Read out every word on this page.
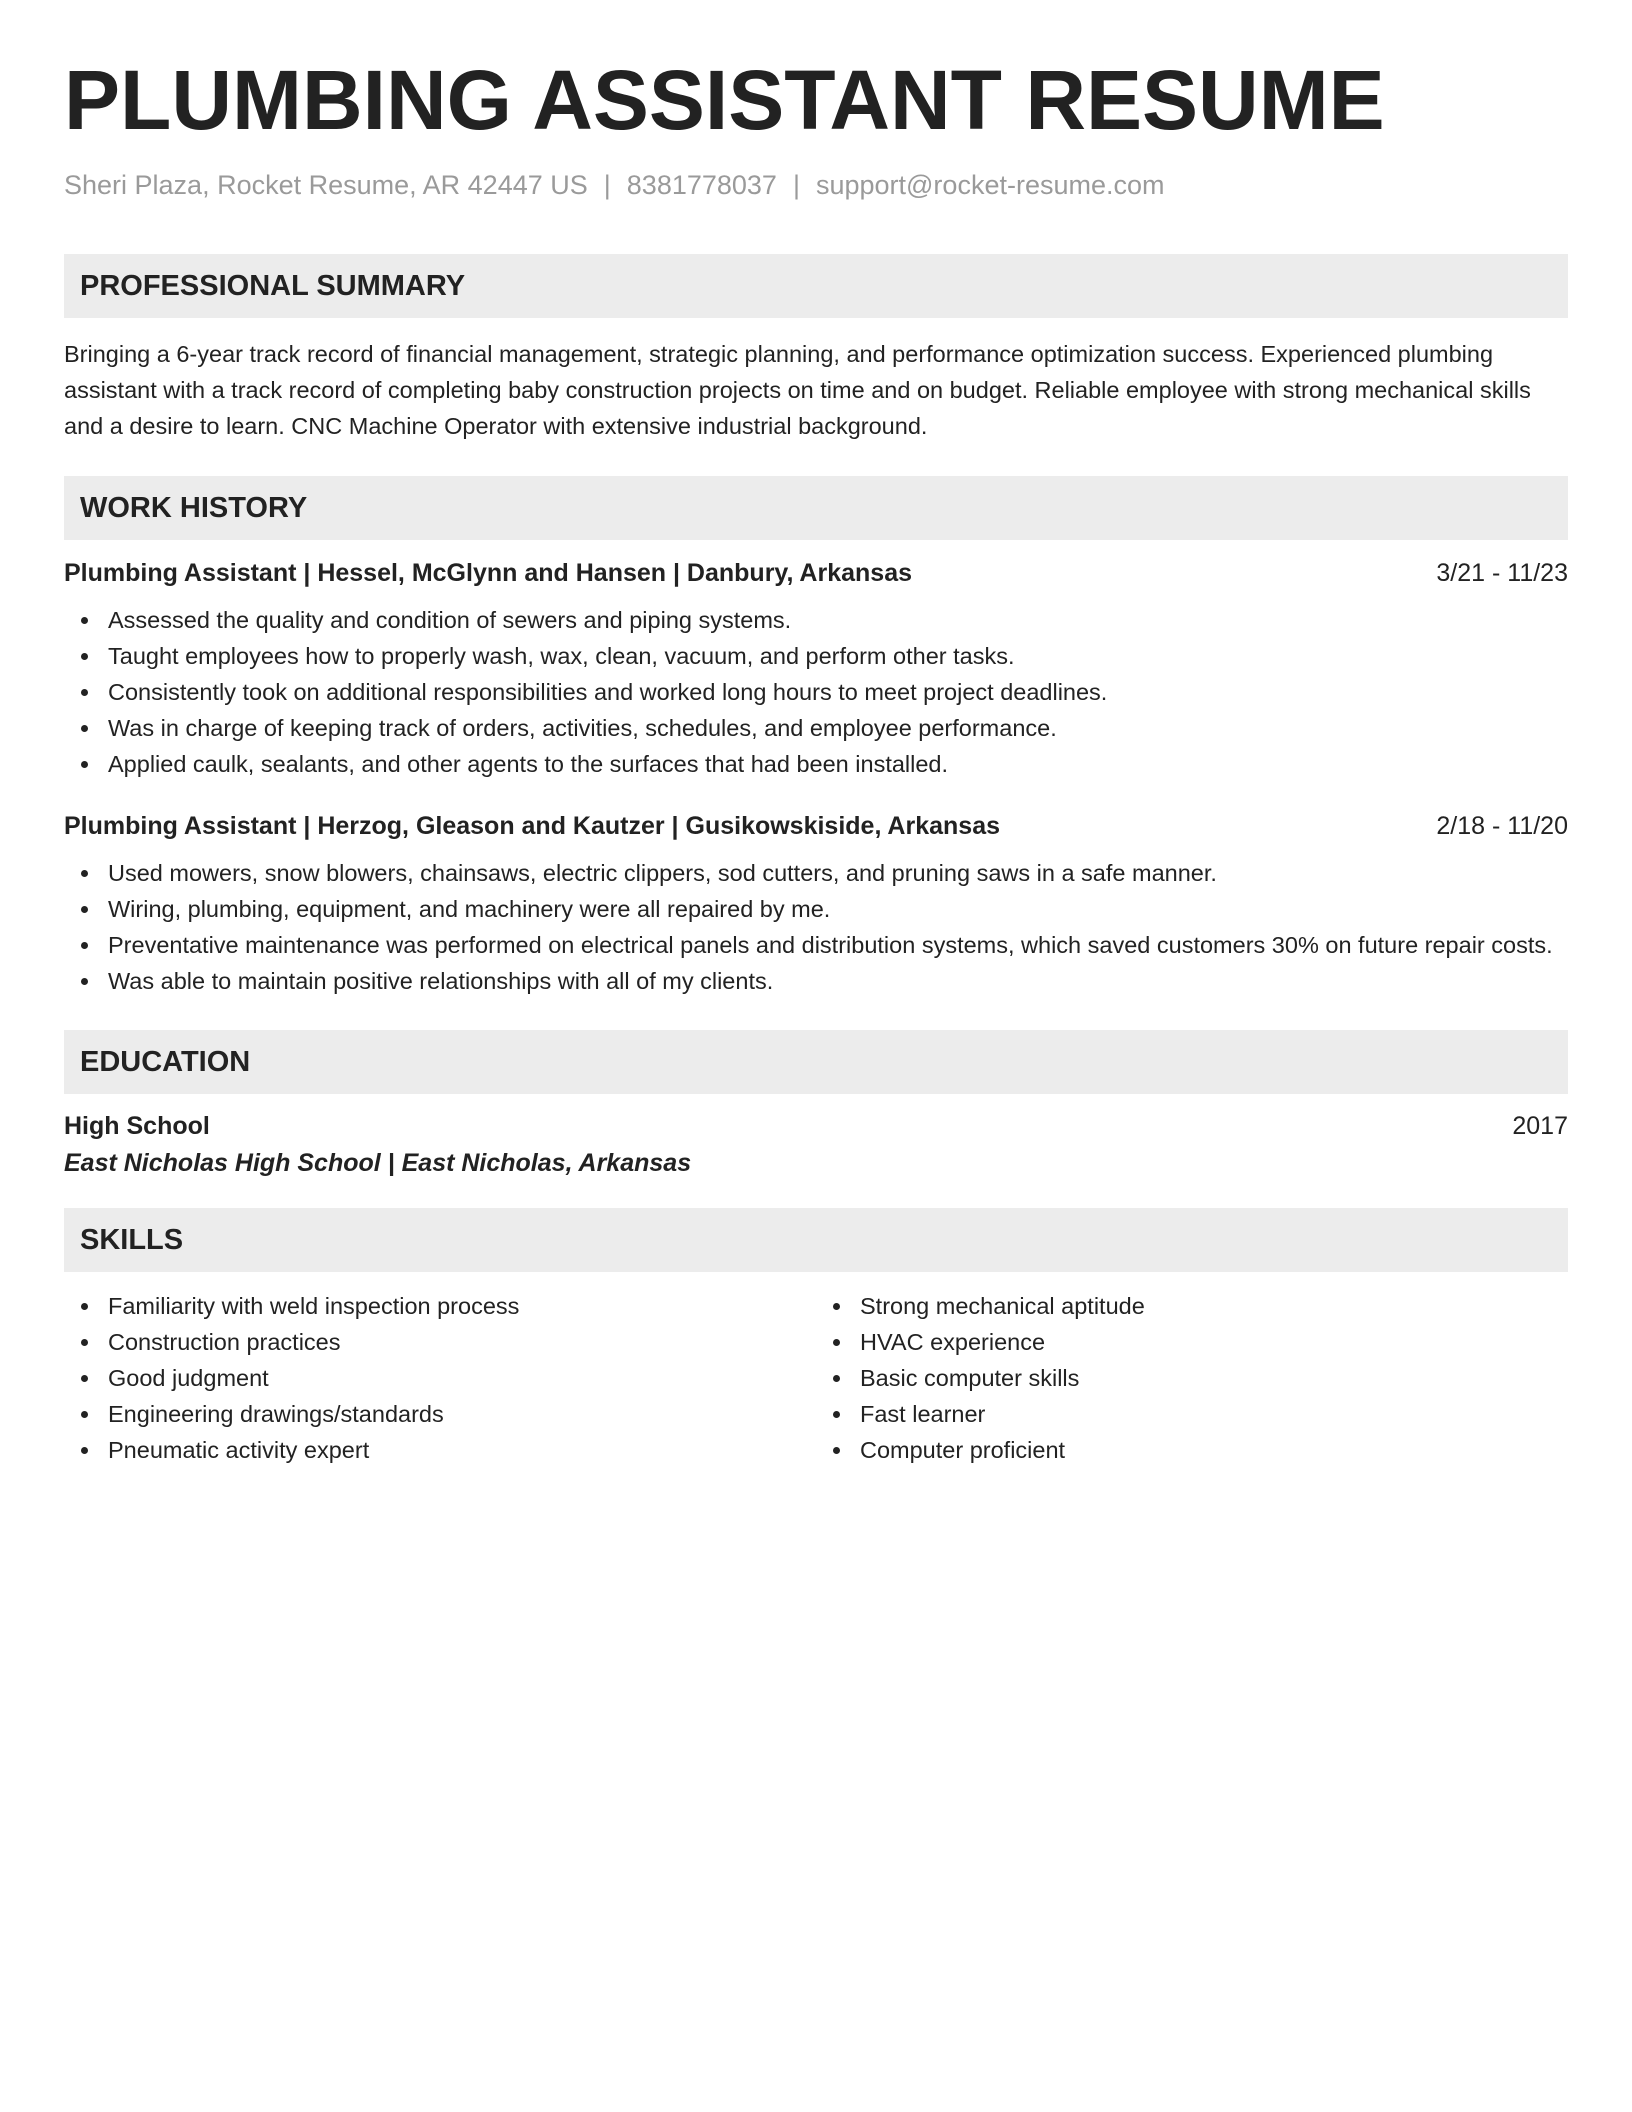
PLUMBING ASSISTANT RESUME
Sheri Plaza, Rocket Resume, AR 42447 US | 8381778037 | support@rocket-resume.com
PROFESSIONAL SUMMARY
Bringing a 6-year track record of financial management, strategic planning, and performance optimization success. Experienced plumbing assistant with a track record of completing baby construction projects on time and on budget. Reliable employee with strong mechanical skills and a desire to learn. CNC Machine Operator with extensive industrial background.
WORK HISTORY
Plumbing Assistant | Hessel, McGlynn and Hansen | Danbury, Arkansas	3/21 - 11/23
Assessed the quality and condition of sewers and piping systems.
Taught employees how to properly wash, wax, clean, vacuum, and perform other tasks.
Consistently took on additional responsibilities and worked long hours to meet project deadlines.
Was in charge of keeping track of orders, activities, schedules, and employee performance.
Applied caulk, sealants, and other agents to the surfaces that had been installed.
Plumbing Assistant | Herzog, Gleason and Kautzer | Gusikowskiside, Arkansas	2/18 - 11/20
Used mowers, snow blowers, chainsaws, electric clippers, sod cutters, and pruning saws in a safe manner.
Wiring, plumbing, equipment, and machinery were all repaired by me.
Preventative maintenance was performed on electrical panels and distribution systems, which saved customers 30% on future repair costs.
Was able to maintain positive relationships with all of my clients.
EDUCATION
High School	2017
East Nicholas High School | East Nicholas, Arkansas
SKILLS
Familiarity with weld inspection process
Construction practices
Good judgment
Engineering drawings/standards
Pneumatic activity expert
Strong mechanical aptitude
HVAC experience
Basic computer skills
Fast learner
Computer proficient
